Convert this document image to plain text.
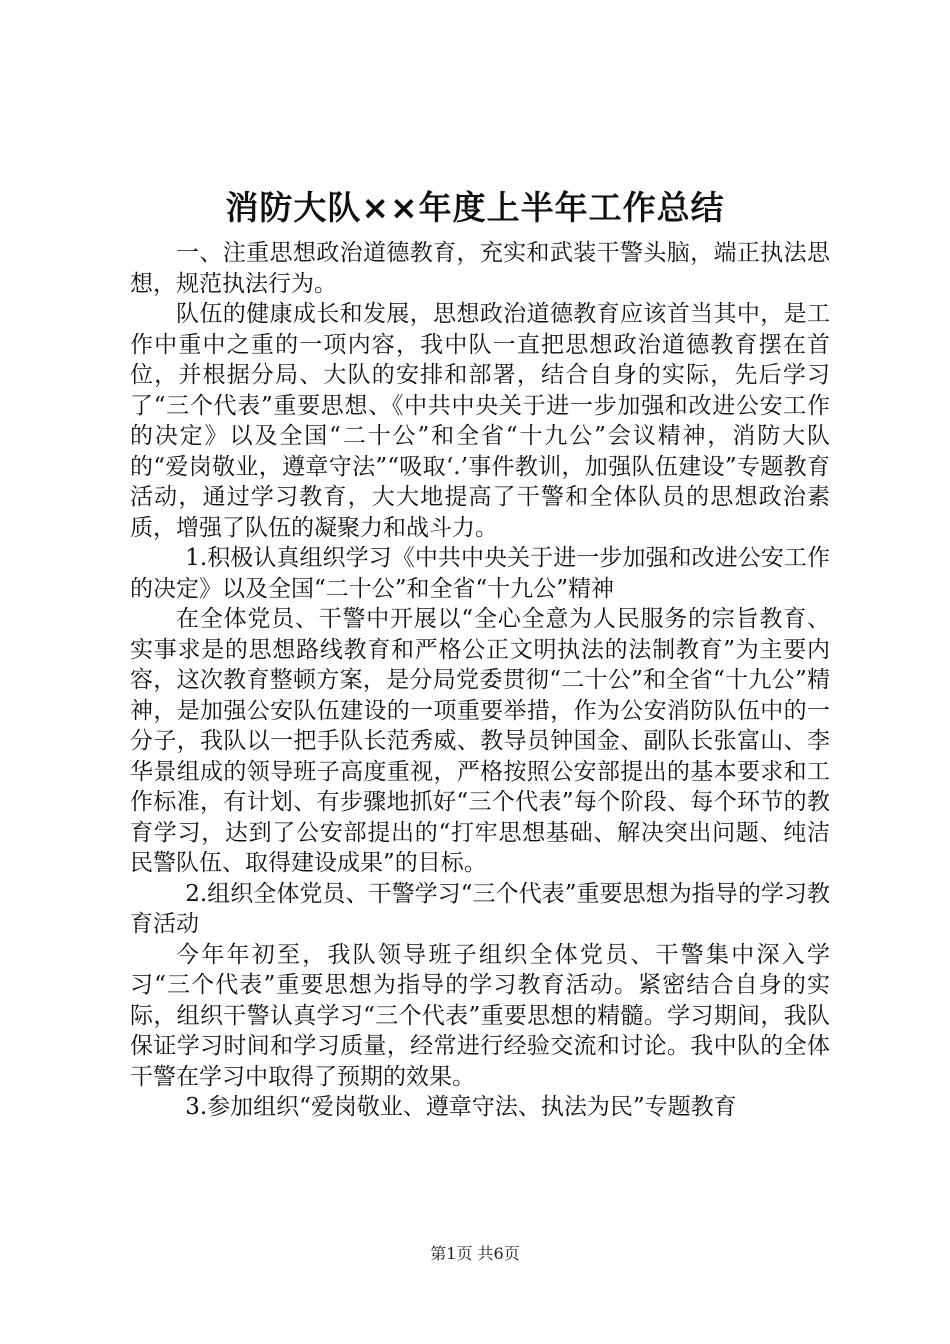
消防大队××年度上半年工作总结

一、注重思想政治道德教育，充实和武装干警头脑，端正执法思想，规范执法行为。

队伍的健康成长和发展，思想政治道德教育应该首当其中，是工作中重中之重的一项内容，我中队一直把思想政治道德教育摆在首位，并根据分局、大队的安排和部署，结合自身的实际，先后学习了“三个代表”重要思想、《中共中央关于进一步加强和改进公安工作的决定》以及全国“二十公”和全省“十九公”会议精神，消防大队的“爱岗敬业，遵章守法”“吸取‘.’事件教训，加强队伍建设”专题教育活动，通过学习教育，大大地提高了干警和全体队员的思想政治素质，增强了队伍的凝聚力和战斗力。

1.积极认真组织学习《中共中央关于进一步加强和改进公安工作的决定》以及全国“二十公”和全省“十九公”精神

在全体党员、干警中开展以“全心全意为人民服务的宗旨教育、实事求是的思想路线教育和严格公正文明执法的法制教育”为主要内容，这次教育整顿方案，是分局党委贯彻“二十公”和全省“十九公”精神，是加强公安队伍建设的一项重要举措，作为公安消防队伍中的一分子，我队以一把手队长范秀威、教导员钟国金、副队长张富山、李华景组成的领导班子高度重视，严格按照公安部提出的基本要求和工作标准，有计划、有步骤地抓好“三个代表”每个阶段、每个环节的教育学习，达到了公安部提出的“打牢思想基础、解决突出问题、纯洁民警队伍、取得建设成果”的目标。

2.组织全体党员、干警学习“三个代表”重要思想为指导的学习教育活动

今年年初至，我队领导班子组织全体党员、干警集中深入学习“三个代表”重要思想为指导的学习教育活动。紧密结合自身的实际，组织干警认真学习“三个代表”重要思想的精髓。学习期间，我队保证学习时间和学习质量，经常进行经验交流和讨论。我中队的全体干警在学习中取得了预期的效果。

3.参加组织“爱岗敬业、遵章守法、执法为民”专题教育

第1页 共6页
